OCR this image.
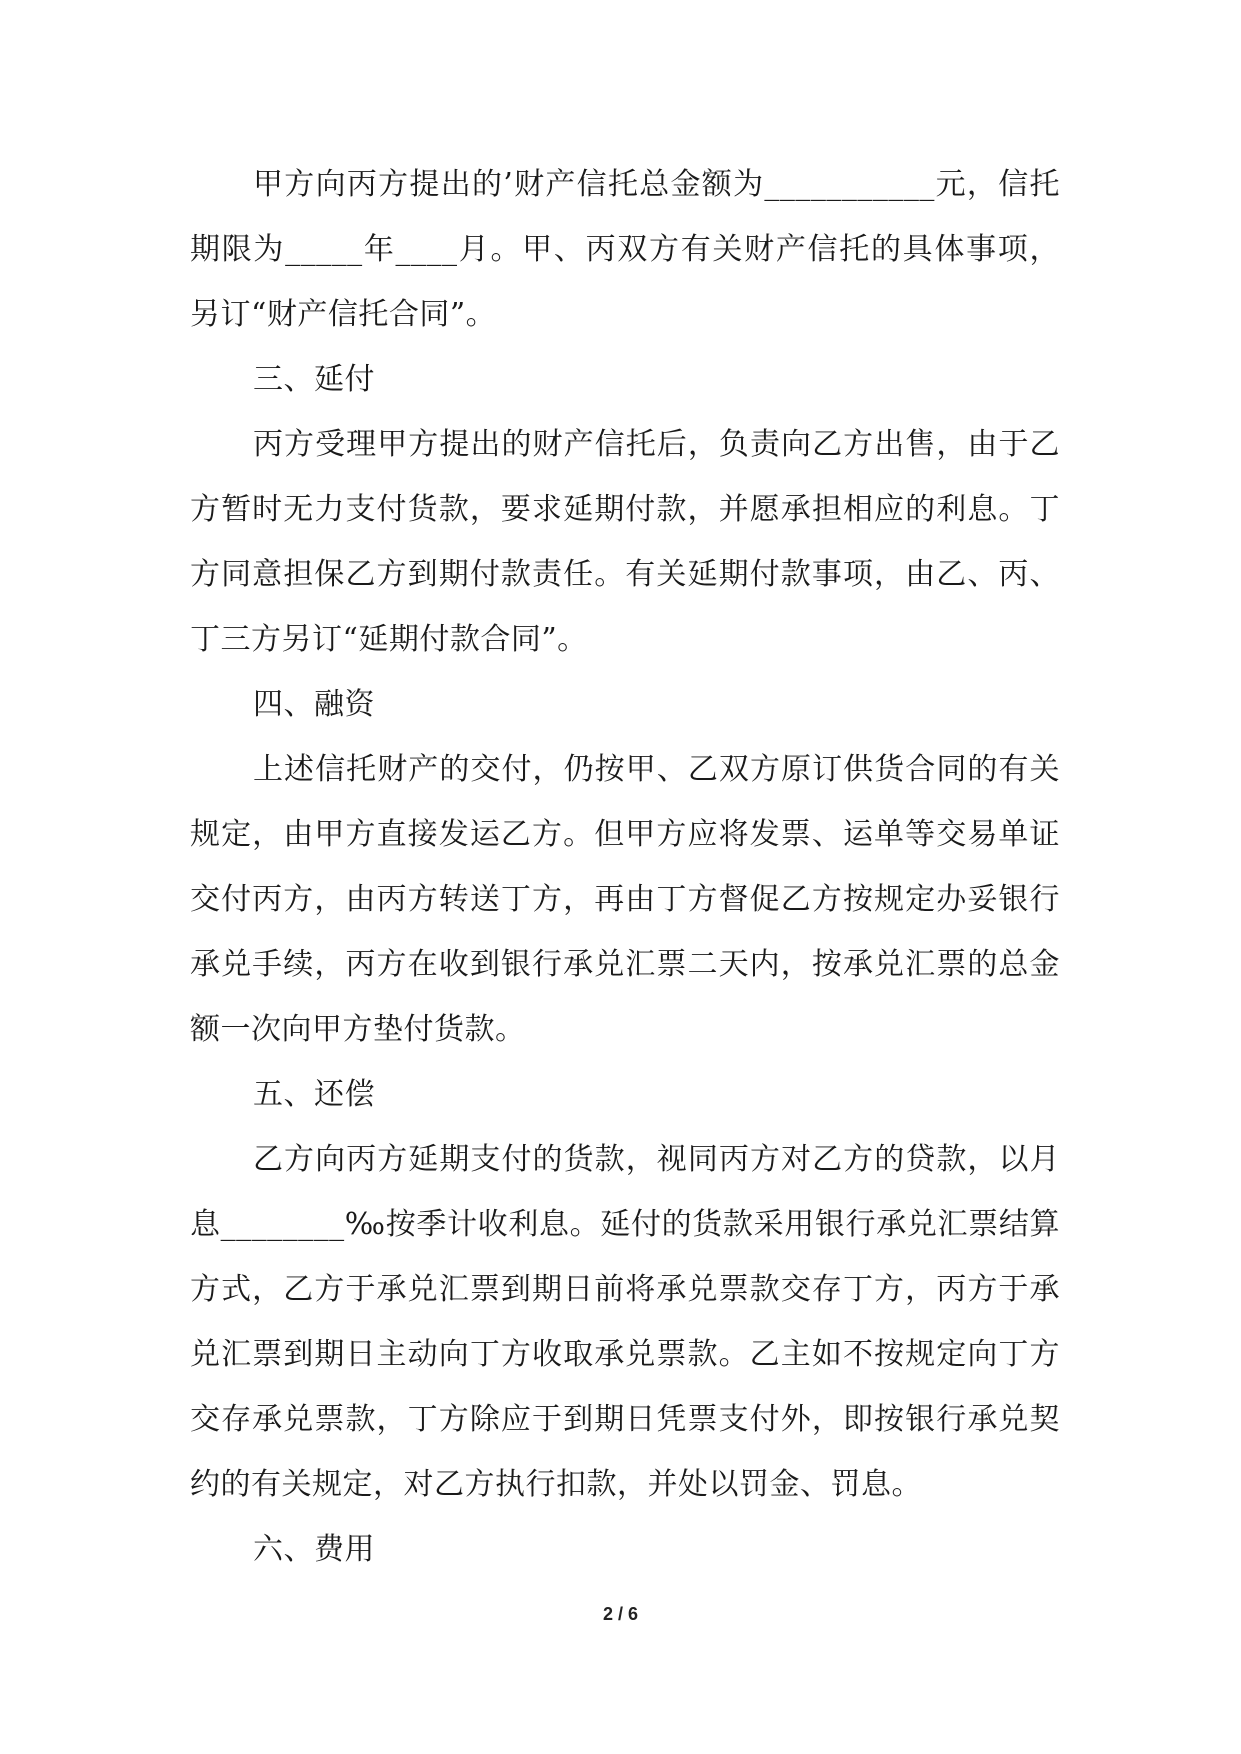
甲方向丙方提出的’财产信托总金额为___________元，信托期限为_____年____月。甲、丙双方有关财产信托的具体事项，另订“财产信托合同”。

三、延付

丙方受理甲方提出的财产信托后，负责向乙方出售，由于乙方暂时无力支付货款，要求延期付款，并愿承担相应的利息。丁方同意担保乙方到期付款责任。有关延期付款事项，由乙、丙、丁三方另订“延期付款合同”。

四、融资

上述信托财产的交付，仍按甲、乙双方原订供货合同的有关规定，由甲方直接发运乙方。但甲方应将发票、运单等交易单证交付丙方，由丙方转送丁方，再由丁方督促乙方按规定办妥银行承兑手续，丙方在收到银行承兑汇票二天内，按承兑汇票的总金额一次向甲方垫付货款。

五、还偿

乙方向丙方延期支付的货款，视同丙方对乙方的贷款，以月息________‰按季计收利息。延付的货款采用银行承兑汇票结算方式，乙方于承兑汇票到期日前将承兑票款交存丁方，丙方于承兑汇票到期日主动向丁方收取承兑票款。乙主如不按规定向丁方交存承兑票款，丁方除应于到期日凭票支付外，即按银行承兑契约的有关规定，对乙方执行扣款，并处以罚金、罚息。

六、费用

2 / 6
